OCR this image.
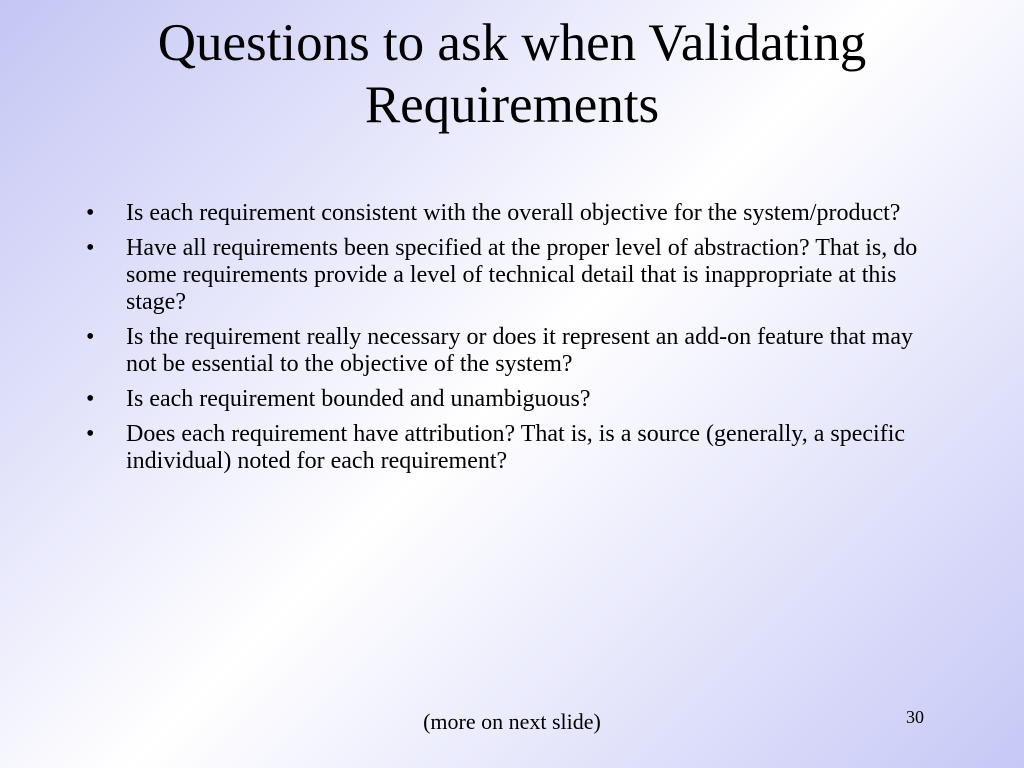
Questions to ask when Validating Requirements
•	Is each requirement consistent with the overall objective for the system/product?
•	Have all requirements been specified at the proper level of abstraction? That is, do some requirements provide a level of technical detail that is inappropriate at this stage?
•	Is the requirement really necessary or does it represent an add-on feature that may not be essential to the objective of the system?
•	Is each requirement bounded and unambiguous?
•	Does each requirement have attribution? That is, is a source (generally, a specific individual) noted for each requirement?
(more on next slide)	30
